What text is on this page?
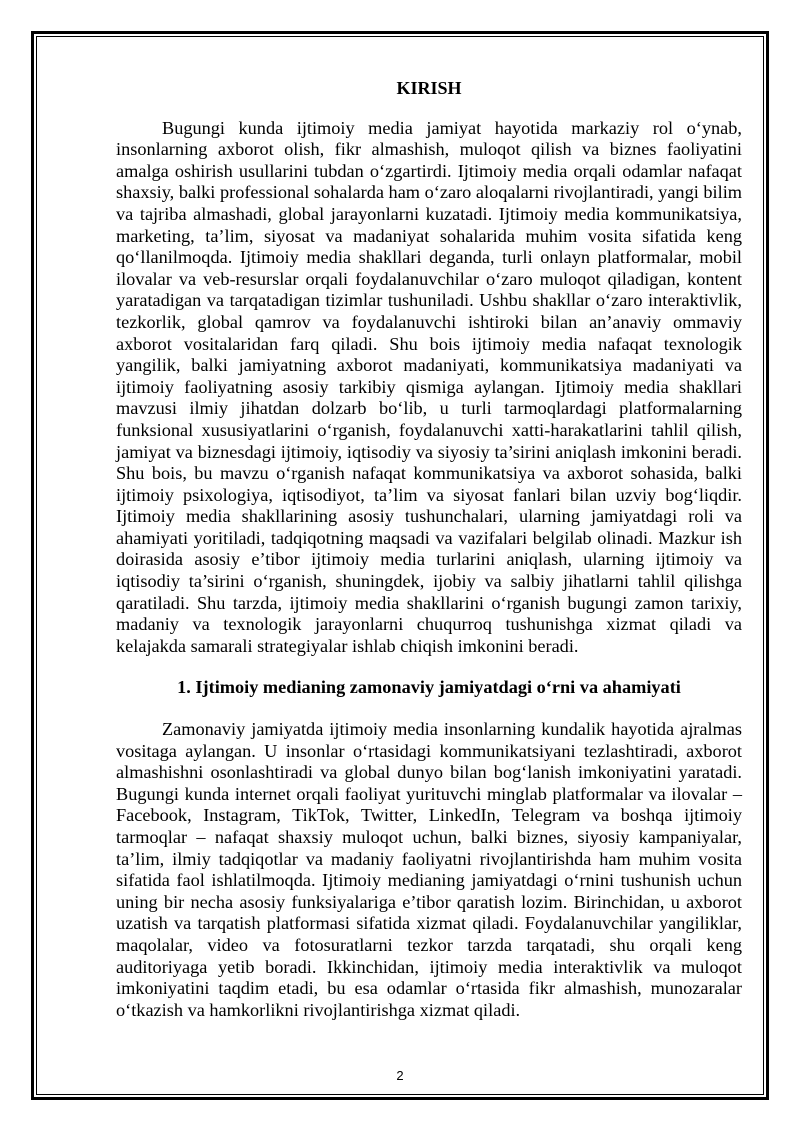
KIRISH

Bugungi kunda ijtimoiy media jamiyat hayotida markaziy rol o‘ynab, insonlarning axborot olish, fikr almashish, muloqot qilish va biznes faoliyatini amalga oshirish usullarini tubdan o‘zgartirdi. Ijtimoiy media orqali odamlar nafaqat shaxsiy, balki professional sohalarda ham o‘zaro aloqalarni rivojlantiradi, yangi bilim va tajriba almashadi, global jarayonlarni kuzatadi. Ijtimoiy media kommunikatsiya, marketing, ta’lim, siyosat va madaniyat sohalarida muhim vosita sifatida keng qo‘llanilmoqda. Ijtimoiy media shakllari deganda, turli onlayn platformalar, mobil ilovalar va veb-resurslar orqali foydalanuvchilar o‘zaro muloqot qiladigan, kontent yaratadigan va tarqatadigan tizimlar tushuniladi. Ushbu shakllar o‘zaro interaktivlik, tezkorlik, global qamrov va foydalanuvchi ishtiroki bilan an’anaviy ommaviy axborot vositalaridan farq qiladi. Shu bois ijtimoiy media nafaqat texnologik yangilik, balki jamiyatning axborot madaniyati, kommunikatsiya madaniyati va ijtimoiy faoliyatning asosiy tarkibiy qismiga aylangan. Ijtimoiy media shakllari mavzusi ilmiy jihatdan dolzarb bo‘lib, u turli tarmoqlardagi platformalarning funksional xususiyatlarini o‘rganish, foydalanuvchi xatti-harakatlarini tahlil qilish, jamiyat va biznesdagi ijtimoiy, iqtisodiy va siyosiy ta’sirini aniqlash imkonini beradi. Shu bois, bu mavzu o‘rganish nafaqat kommunikatsiya va axborot sohasida, balki ijtimoiy psixologiya, iqtisodiyot, ta’lim va siyosat fanlari bilan uzviy bog‘liqdir. Ijtimoiy media shakllarining asosiy tushunchalari, ularning jamiyatdagi roli va ahamiyati yoritiladi, tadqiqotning maqsadi va vazifalari belgilab olinadi. Mazkur ish doirasida asosiy e’tibor ijtimoiy media turlarini aniqlash, ularning ijtimoiy va iqtisodiy ta’sirini o‘rganish, shuningdek, ijobiy va salbiy jihatlarni tahlil qilishga qaratiladi. Shu tarzda, ijtimoiy media shakllarini o‘rganish bugungi zamon tarixiy, madaniy va texnologik jarayonlarni chuqurroq tushunishga xizmat qiladi va kelajakda samarali strategiyalar ishlab chiqish imkonini beradi.

1. Ijtimoiy medianing zamonaviy jamiyatdagi o‘rni va ahamiyati

Zamonaviy jamiyatda ijtimoiy media insonlarning kundalik hayotida ajralmas vositaga aylangan. U insonlar o‘rtasidagi kommunikatsiyani tezlashtiradi, axborot almashishni osonlashtiradi va global dunyo bilan bog‘lanish imkoniyatini yaratadi. Bugungi kunda internet orqali faoliyat yurituvchi minglab platformalar va ilovalar – Facebook, Instagram, TikTok, Twitter, LinkedIn, Telegram va boshqa ijtimoiy tarmoqlar – nafaqat shaxsiy muloqot uchun, balki biznes, siyosiy kampaniyalar, ta’lim, ilmiy tadqiqotlar va madaniy faoliyatni rivojlantirishda ham muhim vosita sifatida faol ishlatilmoqda. Ijtimoiy medianing jamiyatdagi o‘rnini tushunish uchun uning bir necha asosiy funksiyalariga e’tibor qaratish lozim. Birinchidan, u axborot uzatish va tarqatish platformasi sifatida xizmat qiladi. Foydalanuvchilar yangiliklar, maqolalar, video va fotosuratlarni tezkor tarzda tarqatadi, shu orqali keng auditoriyaga yetib boradi. Ikkinchidan, ijtimoiy media interaktivlik va muloqot imkoniyatini taqdim etadi, bu esa odamlar o‘rtasida fikr almashish, munozaralar o‘tkazish va hamkorlikni rivojlantirishga xizmat qiladi.

2
